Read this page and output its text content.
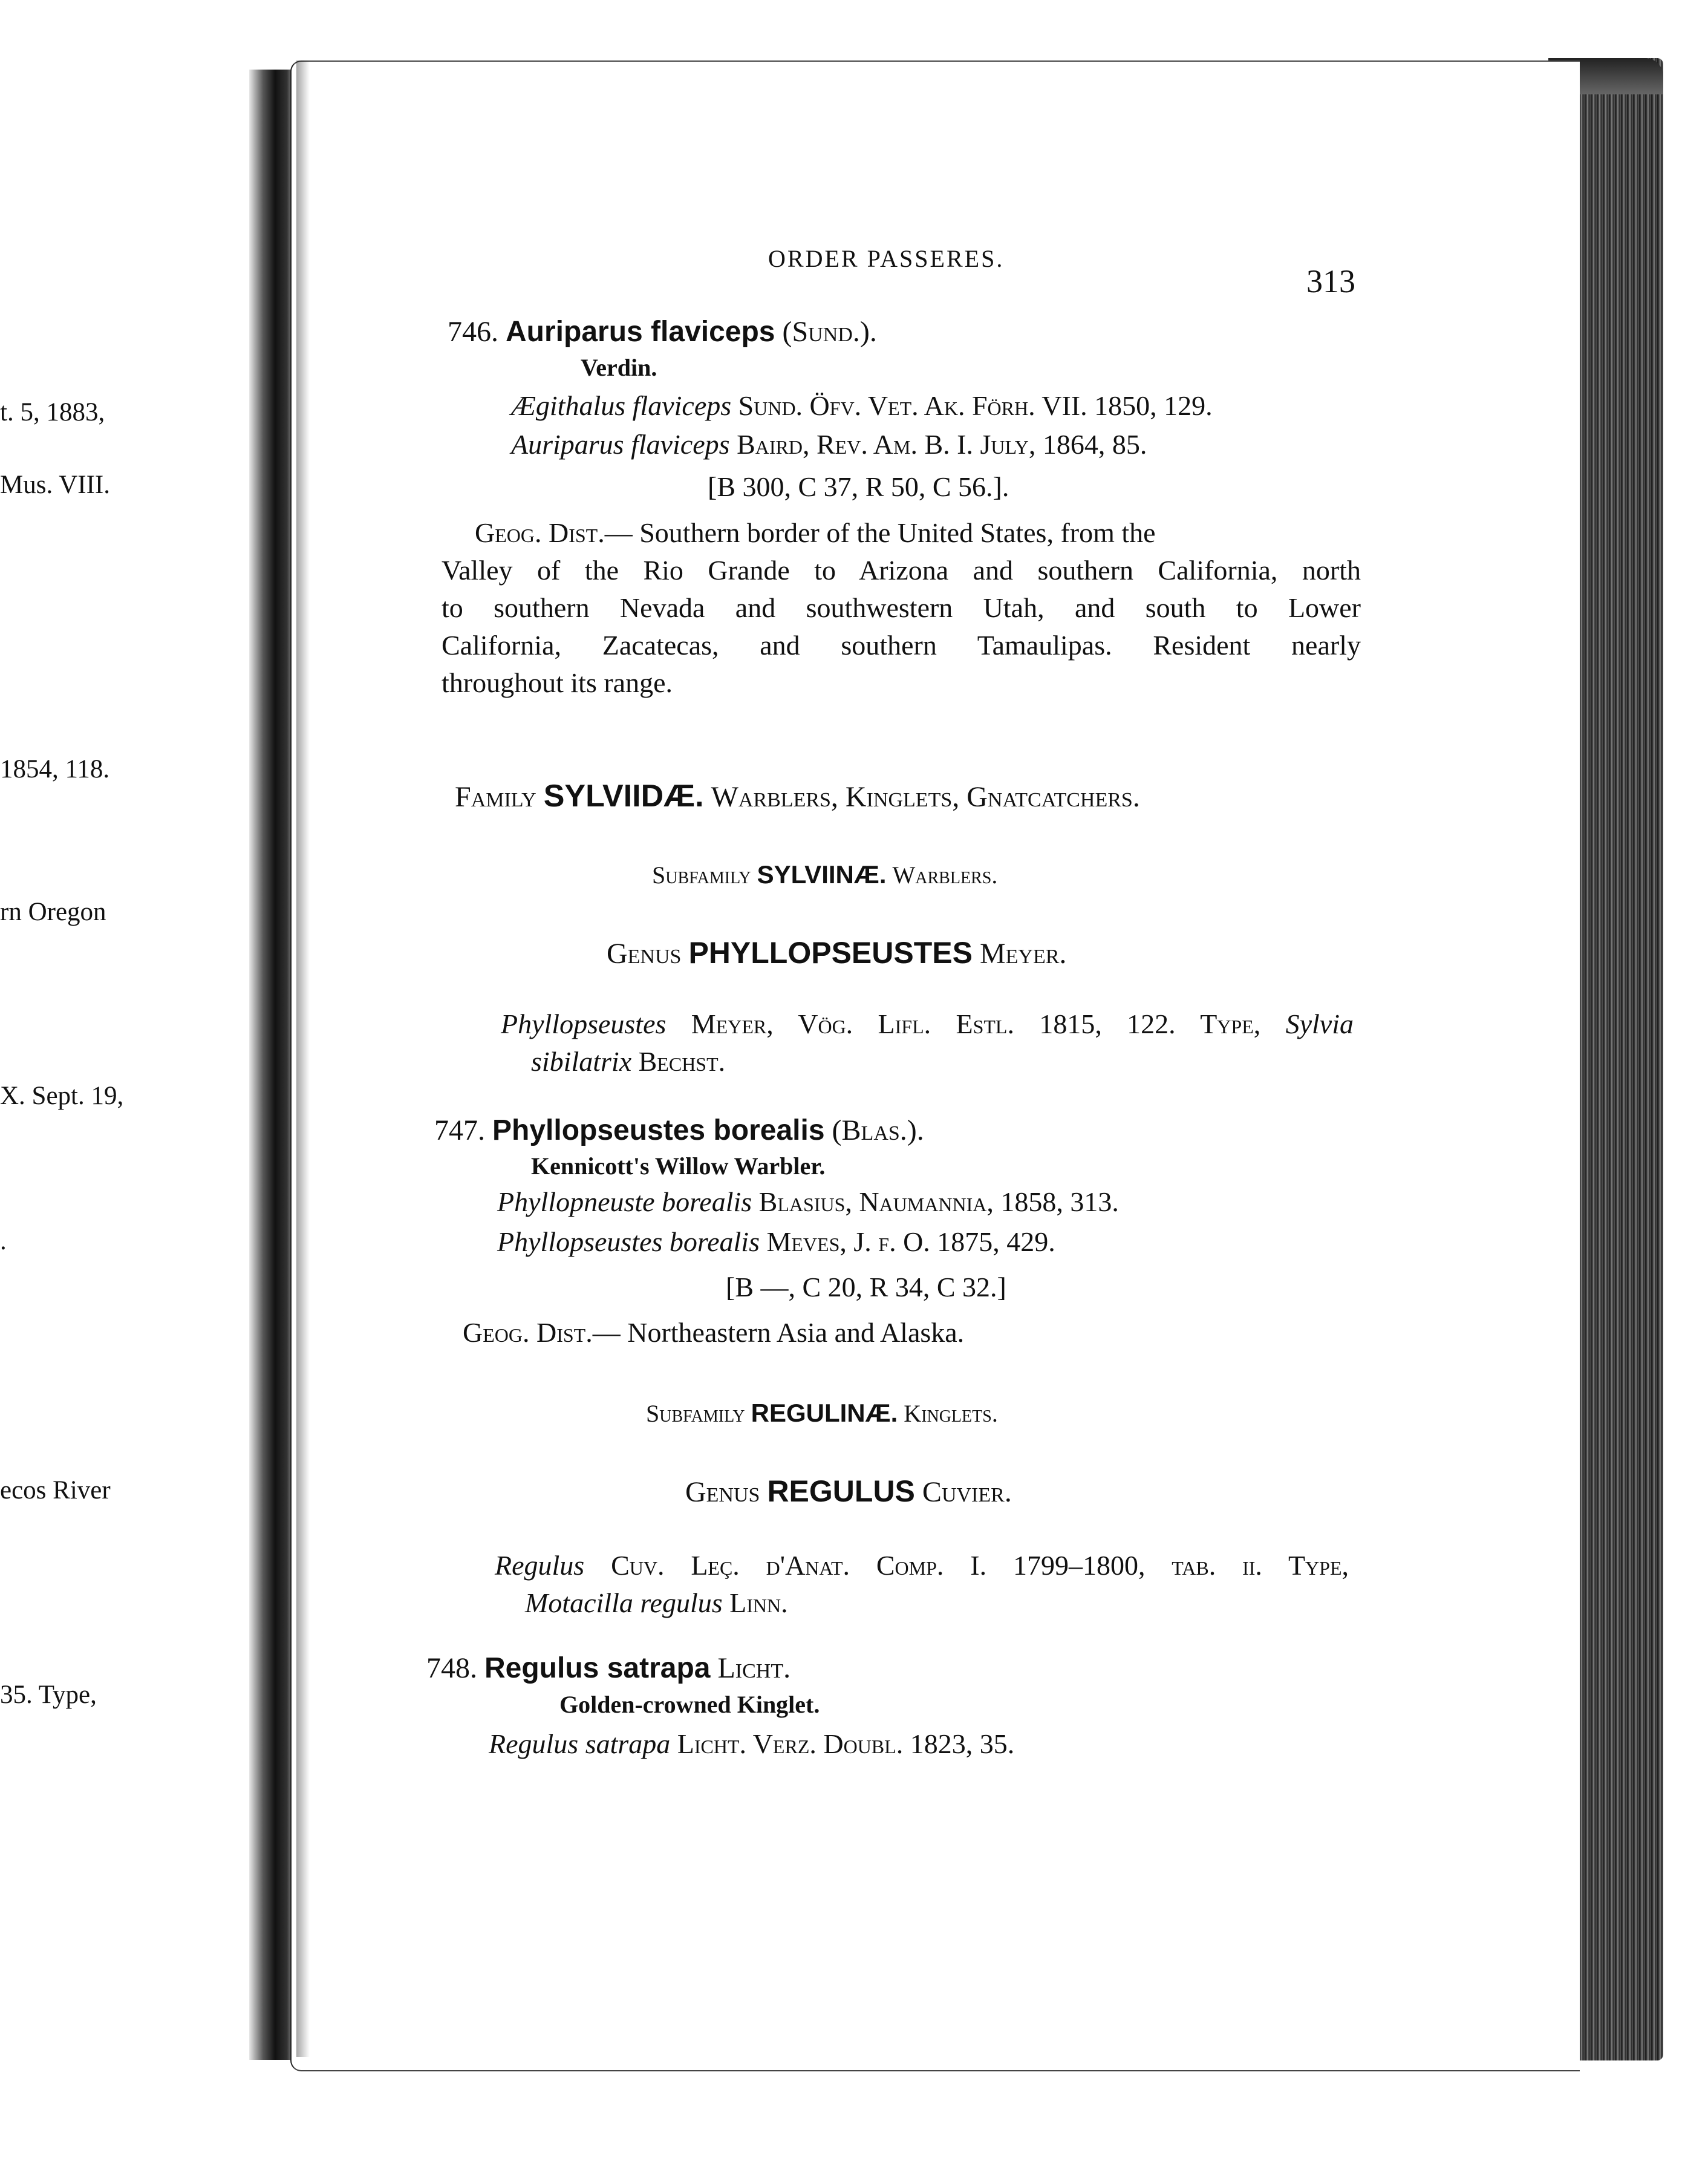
t. 5, 1883,
Mus. VIII.
1854, 118.
rn Oregon
X. Sept. 19,
.
ecos River
35. Type,
ORDER PASSERES.
313
746. Auriparus flaviceps (Sund.).
Verdin.
Ægithalus flaviceps Sund. Öfv. Vet. Ak. Förh. VII. 1850, 129.
Auriparus flaviceps Baird, Rev. Am. B. I. July, 1864, 85.
[B 300, C 37, R 50, C 56.].
Geog. Dist.— Southern border of the United States, from the
Valley of the Rio Grande to Arizona and southern California, north
to southern Nevada and southwestern Utah, and south to Lower
California, Zacatecas, and southern Tamaulipas. Resident nearly
throughout its range.
Family SYLVIIDÆ. Warblers, Kinglets, Gnatcatchers.
Subfamily SYLVIINÆ. Warblers.
Genus PHYLLOPSEUSTES Meyer.
Phyllopseustes Meyer, Vög. Lifl. Estl. 1815, 122. Type, Sylvia
sibilatrix Bechst.
747. Phyllopseustes borealis (Blas.).
Kennicott's Willow Warbler.
Phyllopneuste borealis Blasius, Naumannia, 1858, 313.
Phyllopseustes borealis Meves, J. f. O. 1875, 429.
[B —, C 20, R 34, C 32.]
Geog. Dist.— Northeastern Asia and Alaska.
Subfamily REGULINÆ. Kinglets.
Genus REGULUS Cuvier.
Regulus Cuv. Leç. d'Anat. Comp. I. 1799–1800, tab. ii. Type,
Motacilla regulus Linn.
748. Regulus satrapa Licht.
Golden-crowned Kinglet.
Regulus satrapa Licht. Verz. Doubl. 1823, 35.
